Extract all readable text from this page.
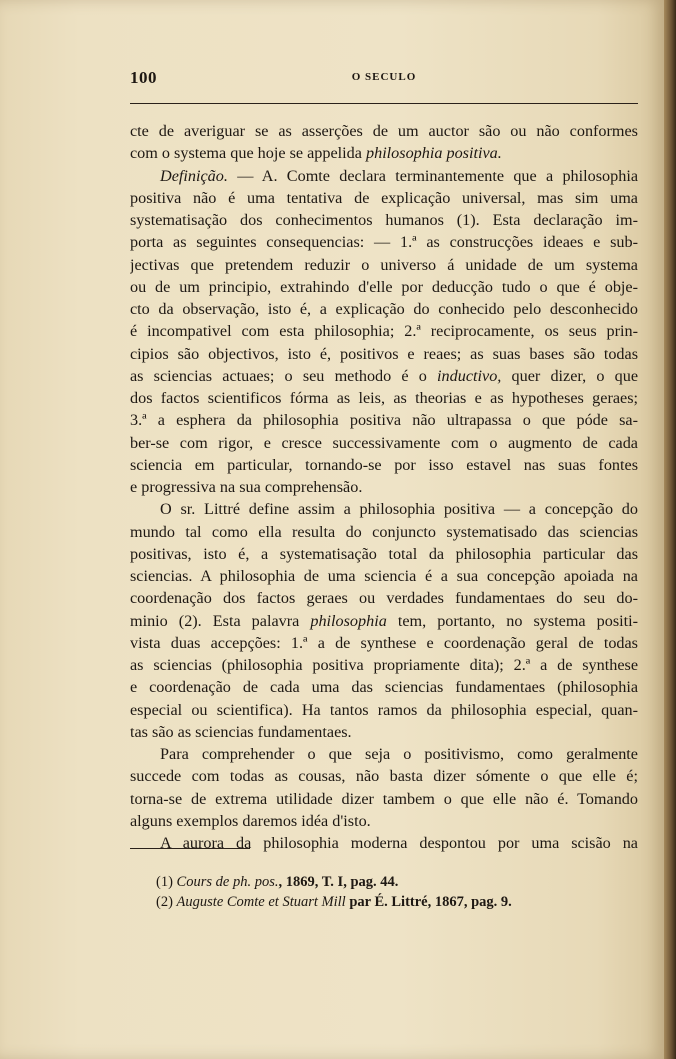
100	O SECULO
cte de averiguar se as asserções de um auctor são ou não conformes
com o systema que hoje se appelida philosophia positiva.
Definição. — A. Comte declara terminantemente que a philosophia
positiva não é uma tentativa de explicação universal, mas sim uma
systematisação dos conhecimentos humanos (1). Esta declaração im-
porta as seguintes consequencias: — 1.ª as construcções ideaes e sub-
jectivas que pretendem reduzir o universo á unidade de um systema
ou de um principio, extrahindo d'elle por deducção tudo o que é obje-
cto da observação, isto é, a explicação do conhecido pelo desconhecido
é incompativel com esta philosophia; 2.ª reciprocamente, os seus prin-
cipios são objectivos, isto é, positivos e reaes; as suas bases são todas
as sciencias actuaes; o seu methodo é o inductivo, quer dizer, o que
dos factos scientificos fórma as leis, as theorias e as hypotheses geraes;
3.ª a esphera da philosophia positiva não ultrapassa o que póde sa-
ber-se com rigor, e cresce successivamente com o augmento de cada
sciencia em particular, tornando-se por isso estavel nas suas fontes
e progressiva na sua comprehensão.
O sr. Littré define assim a philosophia positiva — a concepção do
mundo tal como ella resulta do conjuncto systematisado das sciencias
positivas, isto é, a systematisação total da philosophia particular das
sciencias. A philosophia de uma sciencia é a sua concepção apoiada na
coordenação dos factos geraes ou verdades fundamentaes do seu do-
minio (2). Esta palavra philosophia tem, portanto, no systema positi-
vista duas accepções: 1.ª a de synthese e coordenação geral de todas
as sciencias (philosophia positiva propriamente dita); 2.ª a de synthese
e coordenação de cada uma das sciencias fundamentaes (philosophia
especial ou scientifica). Ha tantos ramos da philosophia especial, quan-
tas são as sciencias fundamentaes.
Para comprehender o que seja o positivismo, como geralmente
succede com todas as cousas, não basta dizer sómente o que elle é;
torna-se de extrema utilidade dizer tambem o que elle não é. Tomando
alguns exemplos daremos idéa d'isto.
A aurora da philosophia moderna despontou por uma scisão na
(1) Cours de ph. pos., 1869, T. I, pag. 44.
(2) Auguste Comte et Stuart Mill par É. Littré, 1867, pag. 9.
